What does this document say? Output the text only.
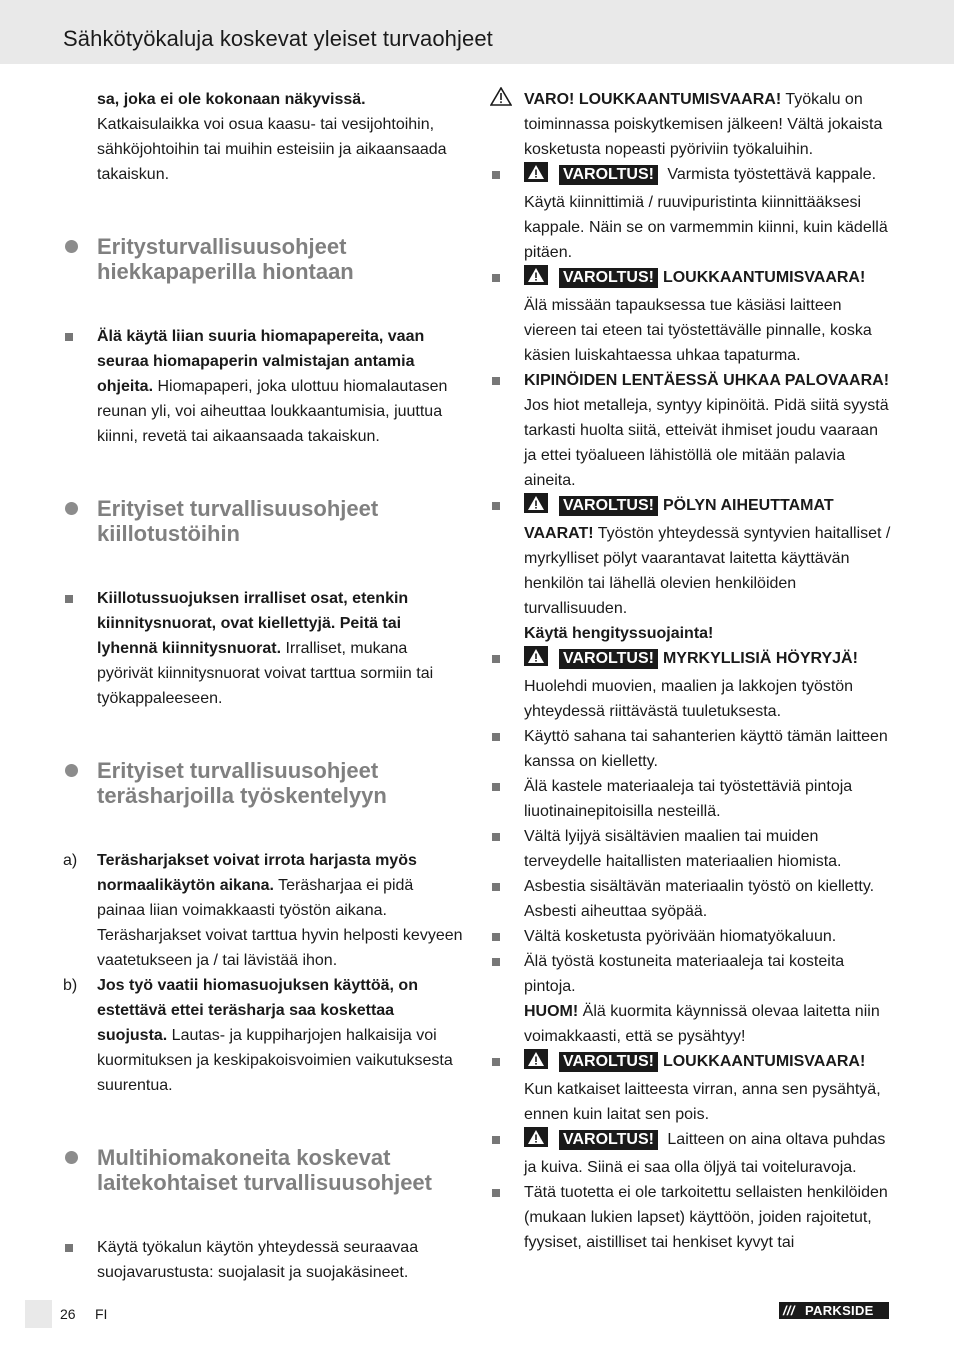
Sähkötyökaluja koskevat yleiset turvaohjeet

sa, joka ei ole kokonaan näkyvissä.
Katkaisulaikka voi osua kaasu- tai vesijohtoihin, sähköjohtoihin tai muihin esteisiin ja aikaansaada takaiskun.

Eritysturvallisuusohjeet hiekkapaperilla hiontaan
Älä käytä liian suuria hiomapapereita, vaan seuraa hiomapaperin valmistajan antamia ohjeita. Hiomapaperi, joka ulottuu hiomalautasen reunan yli, voi aiheuttaa loukkaantumisia, juuttua kiinni, revetä tai aikaansaada takaiskun.
Erityiset turvallisuusohjeet kiillotustöihin
Kiillotussuojuksen irralliset osat, etenkin kiinnitysnuorat, ovat kiellettyjä. Peitä tai lyhennä kiinnitysnuorat. Irralliset, mukana pyörivät kiinnitysnuorat voivat tarttua sormiin tai työkappaleeseen.
Erityiset turvallisuusohjeet teräsharjoilla työskentelyyn
a) Teräsharjakset voivat irrota harjasta myös normaalikäytön aikana. Teräsharjaa ei pidä painaa liian voimakkaasti työstön aikana. Teräsharjakset voivat tarttua hyvin helposti kevyeen vaatetukseen ja / tai lävistää ihon.
b) Jos työ vaatii hiomasuojuksen käyttöä, on estettävä ettei teräsharja saa koskettaa suojusta. Lautas- ja kuppiharjojen halkaisija voi kuormituksen ja keskipakoisvoimien vaikutuksesta suurentua.
Multihiomakoneita koskevat laitekohtaiset turvallisuusohjeet
Käytä työkalun käytön yhteydessä seuraavaa suojavarustusta: suojalasit ja suojakäsineet.
VARO! LOUKKAANTUMISVAARA! Työkalu on toiminnassa poiskytkemisen jälkeen! Vältä jokaista kosketusta nopeasti pyöriviin työkaluihin.
VAROLTUS! Varmista työstettävä kappale. Käytä kiinnittimiä / ruuvipuristinta kiinnittääksesi kappale. Näin se on varmemmin kiinni, kuin kädellä pitäen.
VAROLTUS! LOUKKAANTUMISVAARA! Älä missään tapauksessa tue käsiäsi laitteen viereen tai eteen tai työstettävälle pinnalle, koska käsien luiskahtaessa uhkaa tapaturma.
KIPINÖIDEN LENTÄESSÄ UHKAA PALOVAARA! Jos hiot metalleja, syntyy kipinöitä. Pidä siitä syystä tarkasti huolta siitä, etteivät ihmiset joudu vaaraan ja ettei työalueen lähistöllä ole mitään palavia aineita.
VAROLTUS! PÖLYN AIHEUTTAMAT VAARAT! Työstön yhteydessä syntyvien haitalliset / myrkylliset pölyt vaarantavat laitetta käyttävän henkilön tai lähellä olevien henkilöiden turvallisuuden.
Käytä hengityssuojainta!
VAROLTUS! MYRKYLLISIÄ HÖYRYJÄ! Huolehdi muovien, maalien ja lakkojen työstön yhteydessä riittävästä tuuletuksesta.
Käyttö sahana tai sahanterien käyttö tämän laitteen kanssa on kielletty.
Älä kastele materiaaleja tai työstettäviä pintoja liuotinainepitoisilla nesteillä.
Vältä lyijyä sisältävien maalien tai muiden terveydelle haitallisten materiaalien hiomista.
Asbestia sisältävän materiaalin työstö on kielletty. Asbesti aiheuttaa syöpää.
Vältä kosketusta pyörivään hiomatyökaluun.
Älä työstä kostuneita materiaaleja tai kosteita pintoja.
HUOM! Älä kuormita käynnissä olevaa laitetta niin voimakkaasti, että se pysähtyy!
VAROLTUS! LOUKKAANTUMISVAARA! Kun katkaiset laitteesta virran, anna sen pysähtyä, ennen kuin laitat sen pois.
VAROLTUS! Laitteen on aina oltava puhdas ja kuiva. Siinä ei saa olla öljyä tai voiteluravoja.
Tätä tuotetta ei ole tarkoitettu sellaisten henkilöiden (mukaan lukien lapset) käyttöön, joiden rajoitetut, fyysiset, aistilliset tai henkiset kyvyt tai
26 FI	/// PARKSIDE
